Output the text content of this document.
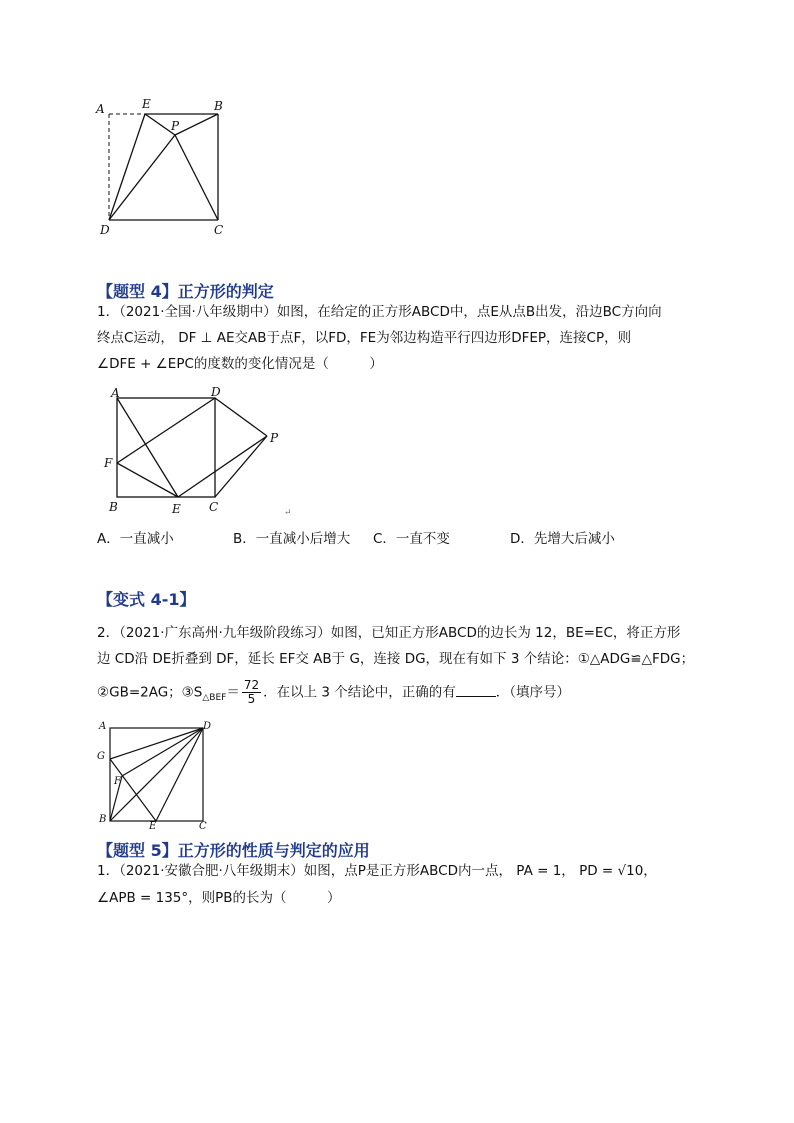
A	E	B
P
D	C
【题型 4】正方形的判定
1．（2021·全国·八年级期中）如图，在给定的正方形ABCD中，点E从点B出发，沿边BC方向向
终点C运动， DF ⊥ AE交AB于点F，以FD，FE为邻边构造平行四边形DFEP，连接CP，则
∠DFE + ∠EPC的度数的变化情况是（　　　）
A	D
P
F
B	E C	↵
A．一直减小	B．一直减小后增大 C．一直不变	D．先增大后减小
【变式 4-1】
2．（2021·广东高州·九年级阶段练习）如图，已知正方形ABCD的边长为 12，BE=EC，将正方形
边 CD沿 DE折叠到 DF，延长 EF交 AB于 G，连接 DG，现在有如下 3 个结论：①△ADG≌△FDG；
②GB=2AG；$③S_{\triangle BEF}= \frac{72}{5}$ ．在以上 3 个结论中，正确的有	．（填序号）
A	D
G
F
B
E	C
【题型 5】正方形的性质与判定的应用
1．（2021·安徽合肥·八年级期末）如图，点P是正方形ABCD内一点， PA = 1， PD = √10，
∠APB = 135°，则PB的长为（　　　）
